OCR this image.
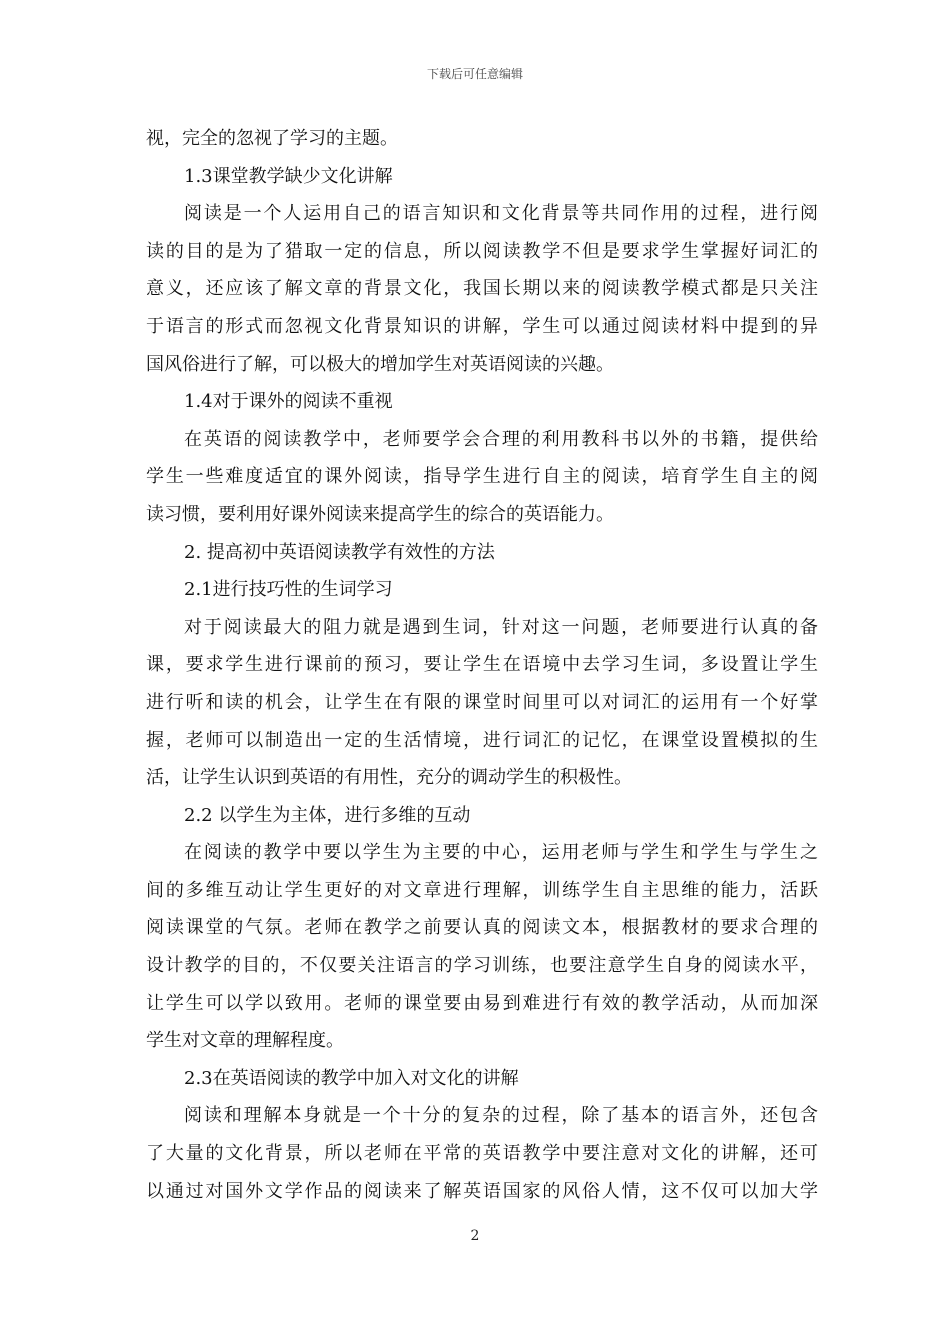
下载后可任意编辑
视，完全的忽视了学习的主题。
1.3课堂教学缺少文化讲解
阅读是一个人运用自己的语言知识和文化背景等共同作用的过程，进行阅
读的目的是为了猎取一定的信息，所以阅读教学不但是要求学生掌握好词汇的
意义，还应该了解文章的背景文化，我国长期以来的阅读教学模式都是只关注
于语言的形式而忽视文化背景知识的讲解，学生可以通过阅读材料中提到的异
国风俗进行了解，可以极大的增加学生对英语阅读的兴趣。
1.4对于课外的阅读不重视
在英语的阅读教学中，老师要学会合理的利用教科书以外的书籍，提供给
学生一些难度适宜的课外阅读，指导学生进行自主的阅读，培育学生自主的阅
读习惯，要利用好课外阅读来提高学生的综合的英语能力。
2. 提高初中英语阅读教学有效性的方法
2.1进行技巧性的生词学习
对于阅读最大的阻力就是遇到生词，针对这一问题，老师要进行认真的备
课，要求学生进行课前的预习，要让学生在语境中去学习生词，多设置让学生
进行听和读的机会，让学生在有限的课堂时间里可以对词汇的运用有一个好掌
握，老师可以制造出一定的生活情境，进行词汇的记忆，在课堂设置模拟的生
活，让学生认识到英语的有用性，充分的调动学生的积极性。
2.2 以学生为主体，进行多维的互动
在阅读的教学中要以学生为主要的中心，运用老师与学生和学生与学生之
间的多维互动让学生更好的对文章进行理解，训练学生自主思维的能力，活跃
阅读课堂的气氛。老师在教学之前要认真的阅读文本，根据教材的要求合理的
设计教学的目的，不仅要关注语言的学习训练，也要注意学生自身的阅读水平，
让学生可以学以致用。老师的课堂要由易到难进行有效的教学活动，从而加深
学生对文章的理解程度。
2.3在英语阅读的教学中加入对文化的讲解
阅读和理解本身就是一个十分的复杂的过程，除了基本的语言外，还包含
了大量的文化背景，所以老师在平常的英语教学中要注意对文化的讲解，还可
以通过对国外文学作品的阅读来了解英语国家的风俗人情，这不仅可以加大学
2
